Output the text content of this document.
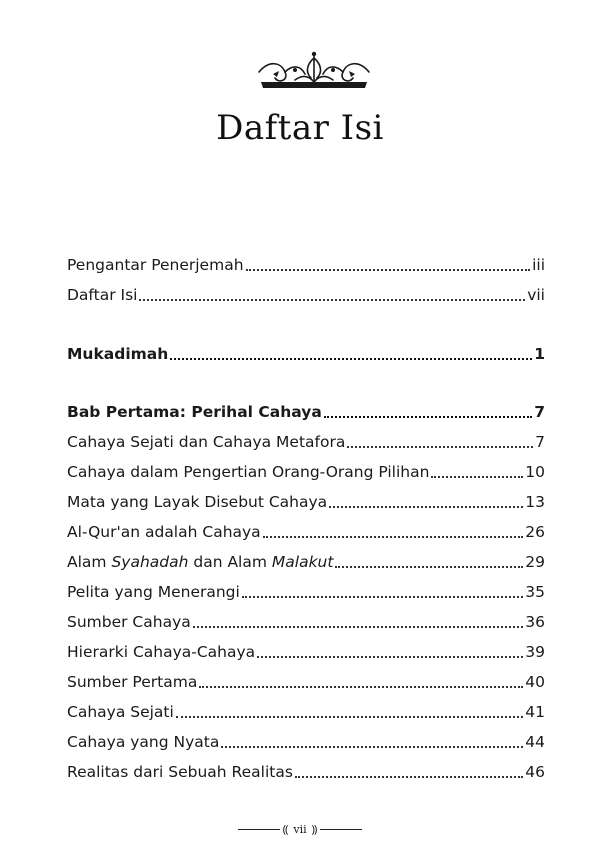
Daftar Isi
Pengantar Penerjemah	iii
Daftar Isi	vii
Mukadimah	1
Bab Pertama: Perihal Cahaya	7
Cahaya Sejati dan Cahaya Metafora	7
Cahaya dalam Pengertian Orang-Orang Pilihan	10
Mata yang Layak Disebut Cahaya	13
Al-Qur'an adalah Cahaya	26
Alam Syahadah dan Alam Malakut	29
Pelita yang Menerangi	35
Sumber Cahaya	36
Hierarki Cahaya-Cahaya	39
Sumber Pertama	40
Cahaya Sejati	41
Cahaya yang Nyata	44
Realitas dari Sebuah Realitas	46
⸨ vii ⸩
